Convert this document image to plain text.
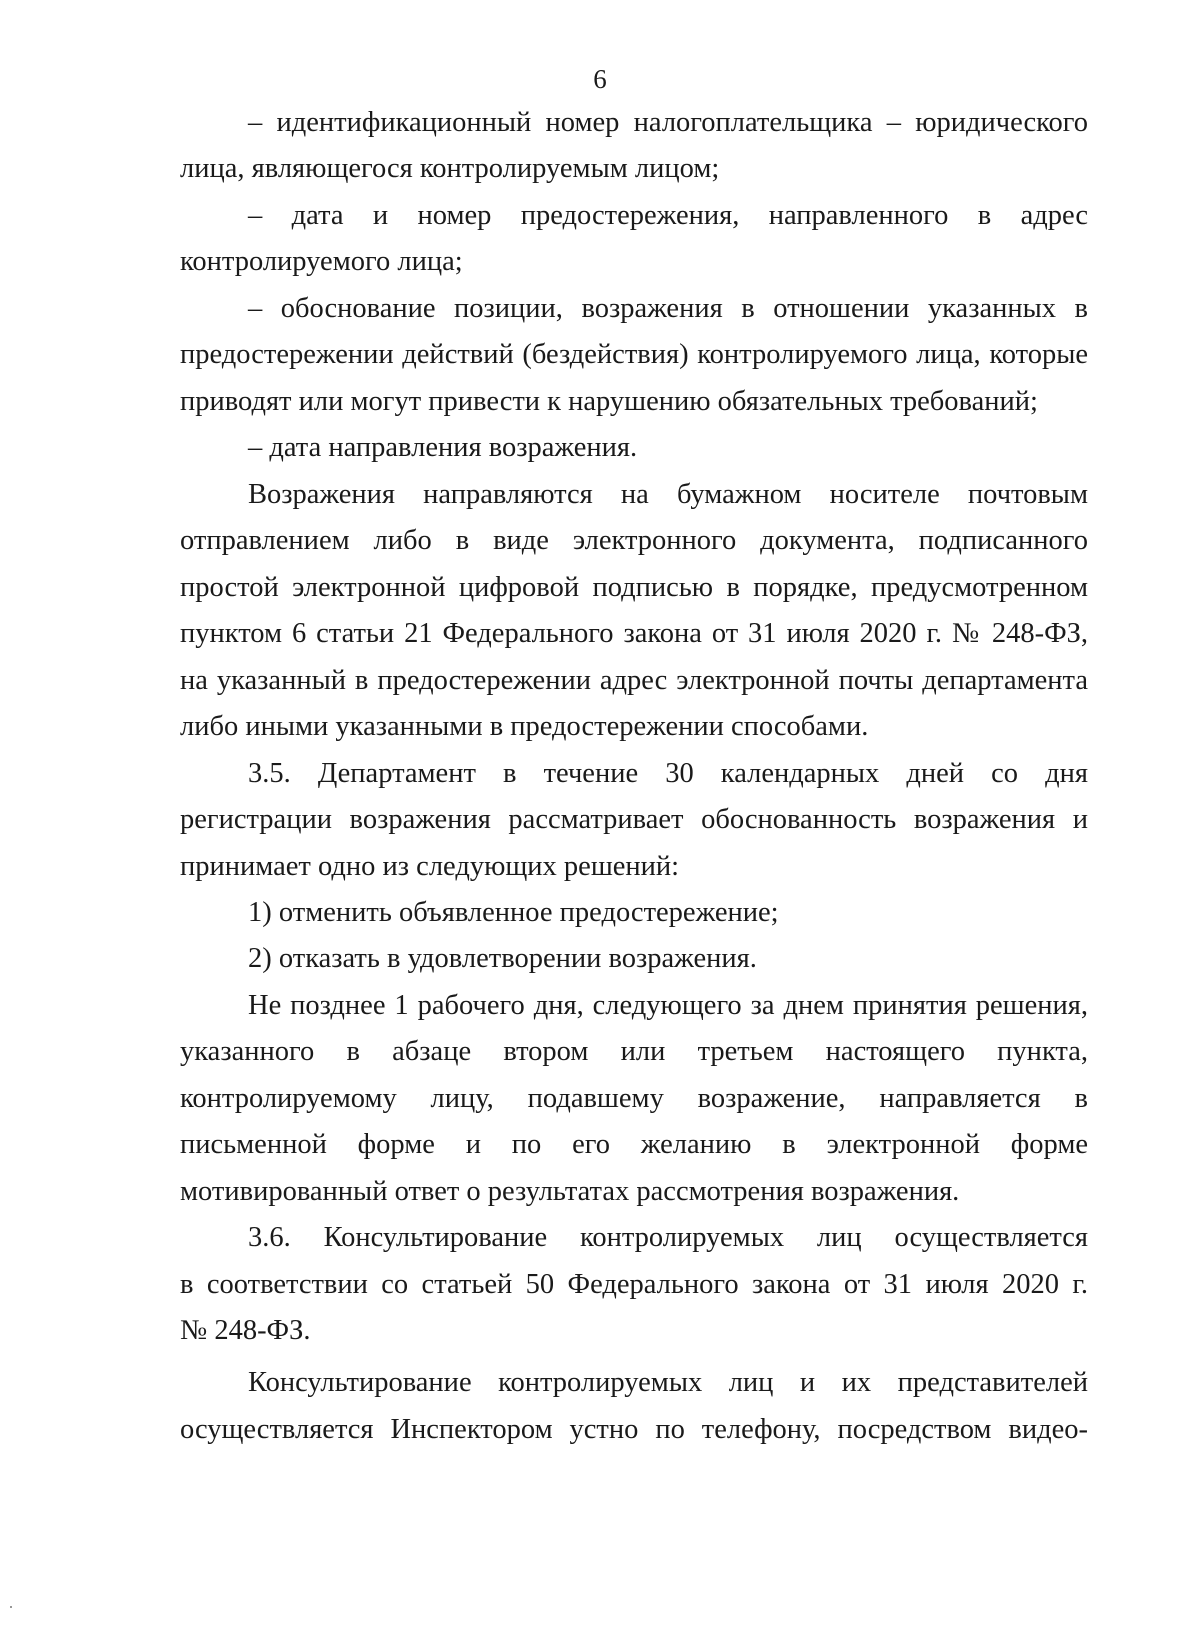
6
– идентификационный номер налогоплательщика – юридического
лица, являющегося контролируемым лицом;
– дата и номер предостережения, направленного в адрес
контролируемого лица;
– обоснование позиции, возражения в отношении указанных в
предостережении действий (бездействия) контролируемого лица, которые
приводят или могут привести к нарушению обязательных требований;
– дата направления возражения.
Возражения направляются на бумажном носителе почтовым
отправлением либо в виде электронного документа, подписанного
простой электронной цифровой подписью в порядке, предусмотренном
пунктом 6 статьи 21 Федерального закона от 31 июля 2020 г. № 248-ФЗ,
на указанный в предостережении адрес электронной почты департамента
либо иными указанными в предостережении способами.
3.5. Департамент в течение 30 календарных дней со дня
регистрации возражения рассматривает обоснованность возражения и
принимает одно из следующих решений:
1) отменить объявленное предостережение;
2) отказать в удовлетворении возражения.
Не позднее 1 рабочего дня, следующего за днем принятия решения,
указанного в абзаце втором или третьем настоящего пункта,
контролируемому лицу, подавшему возражение, направляется в
письменной форме и по его желанию в электронной форме
мотивированный ответ о результатах рассмотрения возражения.
3.6. Консультирование контролируемых лиц осуществляется
в соответствии со статьей 50 Федерального закона от 31 июля 2020 г.
№ 248-ФЗ.
Консультирование контролируемых лиц и их представителей
осуществляется Инспектором устно по телефону, посредством видео-
